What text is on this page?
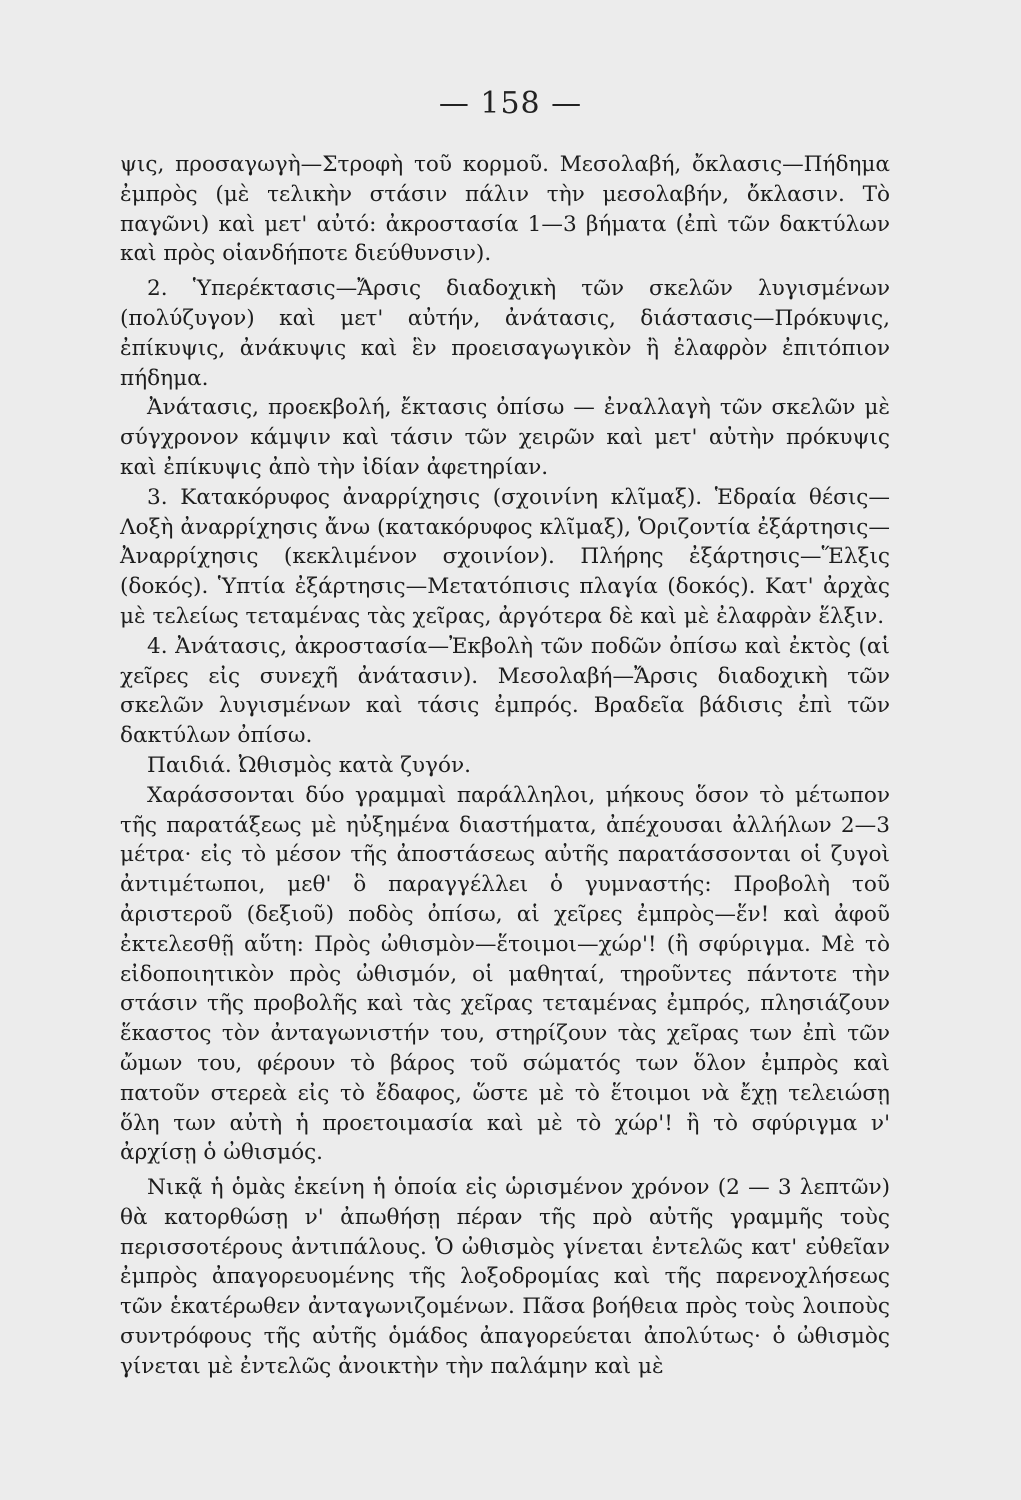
— 158 —

ψις, προσαγωγὴ—Στροφὴ τοῦ κορμοῦ. Μεσολαβή, ὄκλασις—Πήδημα ἐμπρὸς (μὲ τελικὴν στάσιν πάλιν τὴν μεσολαβήν, ὄκλασιν. Τὸ παγῶνι) καὶ μετ' αὐτό: ἀκροστασία 1—3 βήματα (ἐπὶ τῶν δακτύλων καὶ πρὸς οἱανδήποτε διεύθυνσιν).

2. Ὑπερέκτασις—Ἄρσις διαδοχικὴ τῶν σκελῶν λυγισμένων (πολύζυγον) καὶ μετ' αὐτήν, ἀνάτασις, διάστασις—Πρόκυψις, ἐπίκυψις, ἀνάκυψις καὶ ἓν προεισαγωγικὸν ἢ ἐλαφρὸν ἐπιτόπιον πήδημα.

Ἀνάτασις, προεκβολή, ἔκτασις ὀπίσω — ἐναλλαγὴ τῶν σκελῶν μὲ σύγχρονον κάμψιν καὶ τάσιν τῶν χειρῶν καὶ μετ' αὐτὴν πρόκυψις καὶ ἐπίκυψις ἀπὸ τὴν ἰδίαν ἀφετηρίαν.

3. Κατακόρυφος ἀναρρίχησις (σχοινίνη κλῖμαξ). Ἑδραία θέσις—Λοξὴ ἀναρρίχησις ἄνω (κατακόρυφος κλῖμαξ), Ὁριζοντία ἐξάρτησις—Ἀναρρίχησις (κεκλιμένον σχοινίον). Πλήρης ἐξάρτησις—Ἕλξις (δοκός). Ὑπτία ἐξάρτησις—Μετατόπισις πλαγία (δοκός). Κατ' ἀρχὰς μὲ τελείως τεταμένας τὰς χεῖρας, ἀργότερα δὲ καὶ μὲ ἐλαφρὰν ἕλξιν.

4. Ἀνάτασις, ἀκροστασία—Ἐκβολὴ τῶν ποδῶν ὀπίσω καὶ ἐκτὸς (αἱ χεῖρες εἰς συνεχῆ ἀνάτασιν). Μεσολαβή—Ἄρσις διαδοχικὴ τῶν σκελῶν λυγισμένων καὶ τάσις ἐμπρός. Βραδεῖα βάδισις ἐπὶ τῶν δακτύλων ὀπίσω.

Παιδιά. Ὠθισμὸς κατὰ ζυγόν.

Χαράσσονται δύο γραμμαὶ παράλληλοι, μήκους ὅσον τὸ μέτωπον τῆς παρατάξεως μὲ ηὐξημένα διαστήματα, ἀπέχουσαι ἀλλήλων 2—3 μέτρα· εἰς τὸ μέσον τῆς ἀποστάσεως αὐτῆς παρατάσσονται οἱ ζυγοὶ ἀντιμέτωποι, μεθ' ὃ παραγγέλλει ὁ γυμναστής: Προβολὴ τοῦ ἀριστεροῦ (δεξιοῦ) ποδὸς ὀπίσω, αἱ χεῖρες ἐμπρὸς—ἕν! καὶ ἀφοῦ ἐκτελεσθῇ αὕτη: Πρὸς ὠθισμὸν—ἕτοιμοι—χώρ'! (ἢ σφύριγμα. Μὲ τὸ εἰδοποιητικὸν πρὸς ὠθισμόν, οἱ μαθηταί, τηροῦντες πάντοτε τὴν στάσιν τῆς προβολῆς καὶ τὰς χεῖρας τεταμένας ἐμπρός, πλησιάζουν ἕκαστος τὸν ἀνταγωνιστήν του, στηρίζουν τὰς χεῖρας των ἐπὶ τῶν ὤμων του, φέρουν τὸ βάρος τοῦ σώματός των ὅλον ἐμπρὸς καὶ πατοῦν στερεὰ εἰς τὸ ἔδαφος, ὥστε μὲ τὸ ἕτοιμοι νὰ ἔχῃ τελειώσῃ ὅλη των αὐτὴ ἡ προετοιμασία καὶ μὲ τὸ χώρ'! ἢ τὸ σφύριγμα ν' ἀρχίσῃ ὁ ὠθισμός.

Νικᾷ ἡ ὁμὰς ἐκείνη ἡ ὁποία εἰς ὡρισμένον χρόνον (2 — 3 λεπτῶν) θὰ κατορθώσῃ ν' ἀπωθήσῃ πέραν τῆς πρὸ αὐτῆς γραμμῆς τοὺς περισσοτέρους ἀντιπάλους. Ὁ ὠθισμὸς γίνεται ἐντελῶς κατ' εὐθεῖαν ἐμπρὸς ἀπαγορευομένης τῆς λοξοδρομίας καὶ τῆς παρενοχλήσεως τῶν ἑκατέρωθεν ἀνταγωνιζομένων. Πᾶσα βοήθεια πρὸς τοὺς λοιποὺς συντρόφους τῆς αὐτῆς ὁμάδος ἀπαγορεύεται ἀπολύτως· ὁ ὠθισμὸς γίνεται μὲ ἐντελῶς ἀνοικτὴν τὴν παλάμην καὶ μὲ
